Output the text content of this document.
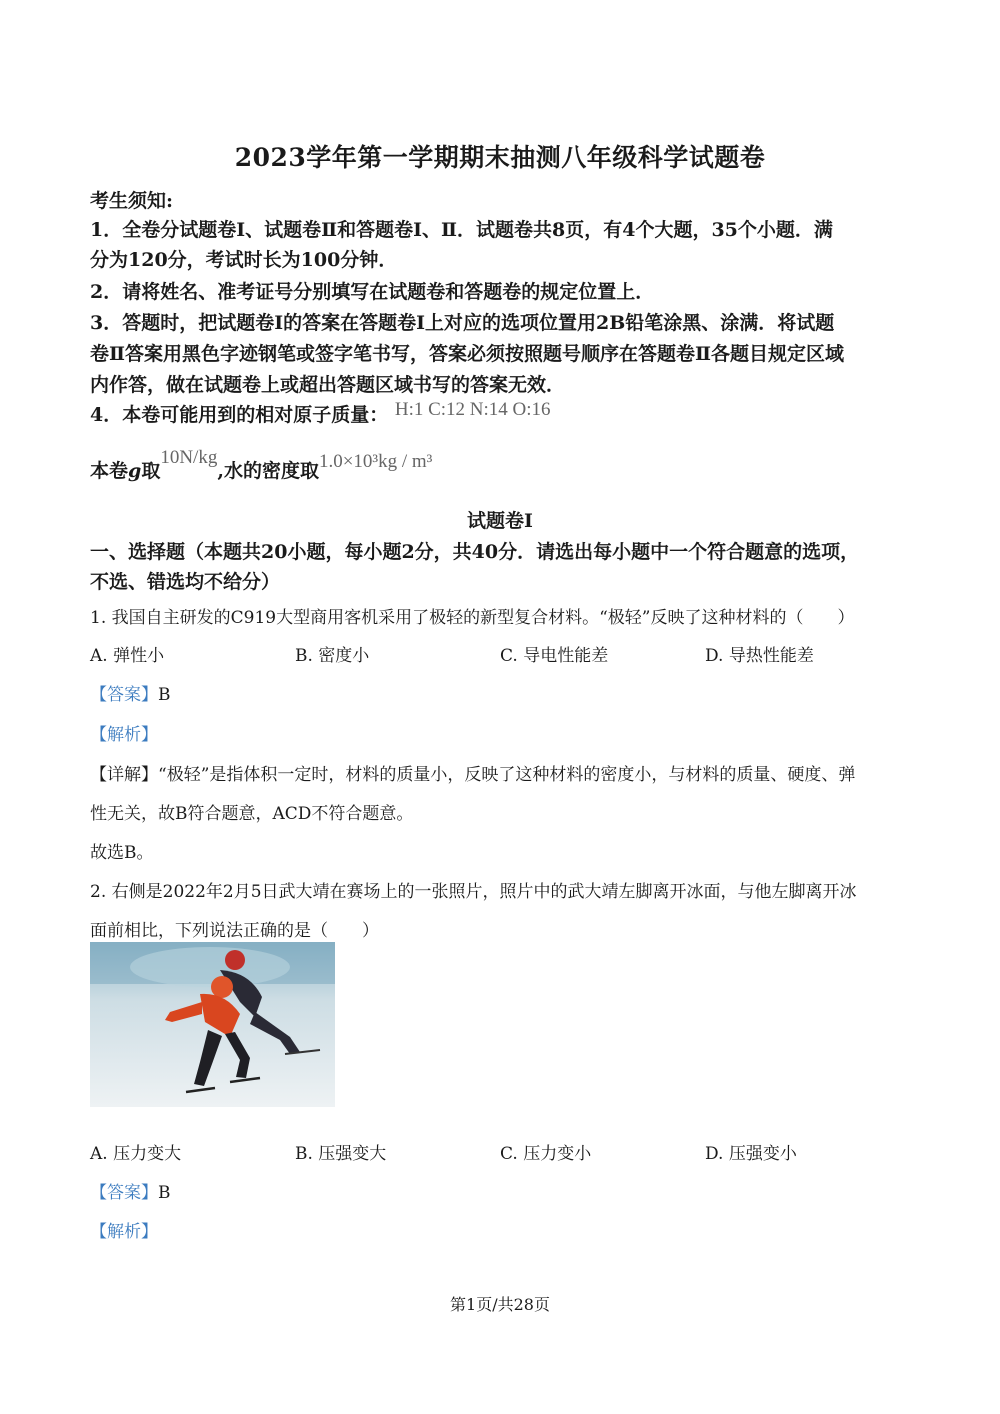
2023学年第一学期期末抽测八年级科学试题卷
考生须知:
1．全卷分试题卷Ⅰ、试题卷Ⅱ和答题卷Ⅰ、Ⅱ．试题卷共8页，有4个大题，35个小题．满
分为120分，考试时长为100分钟．
2．请将姓名、准考证号分别填写在试题卷和答题卷的规定位置上．
3．答题时，把试题卷Ⅰ的答案在答题卷Ⅰ上对应的选项位置用2B铅笔涂黑、涂满．将试题
卷Ⅱ答案用黑色字迹钢笔或签字笔书写，答案必须按照题号顺序在答题卷Ⅱ各题目规定区域
内作答，做在试题卷上或超出答题区域书写的答案无效．
4．本卷可能用到的相对原子质量： H:1 C:12 N:14 O:16
本卷g取10N/kg,水的密度取1.0×10³kg / m³
试题卷Ⅰ
一、选择题（本题共20小题，每小题2分，共40分．请选出每小题中一个符合题意的选项，
不选、错选均不给分）
1. 我国自主研发的C919大型商用客机采用了极轻的新型复合材料。“极轻”反映了这种材料的（　　）
A. 弹性小	B. 密度小	C. 导电性能差	D. 导热性能差
【答案】B
【解析】
【详解】“极轻”是指体积一定时，材料的质量小，反映了这种材料的密度小，与材料的质量、硬度、弹
性无关，故B符合题意，ACD不符合题意。
故选B。
2. 右侧是2022年2月5日武大靖在赛场上的一张照片，照片中的武大靖左脚离开冰面，与他左脚离开冰
面前相比，下列说法正确的是（　　）
A. 压力变大	B. 压强变大	C. 压力变小	D. 压强变小
【答案】B
【解析】
第1页/共28页
